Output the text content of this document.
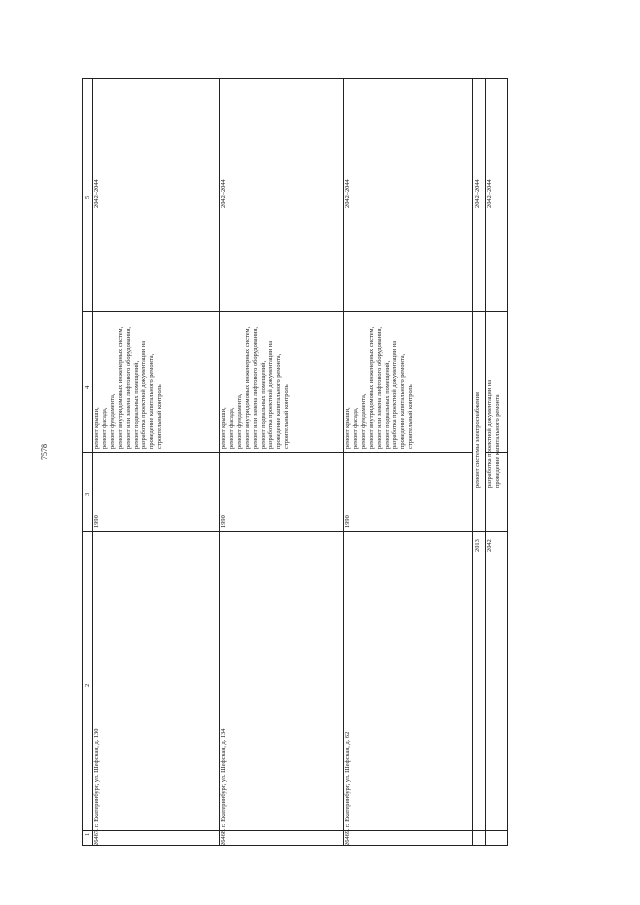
7578
1
2
3
4
5
26467.
г. Екатеринбург, ул. Шефская, д. 130
1990
ремонт крыши, ремонт фасада, ремонт фундамента, ремонт внутридомовых инженерных систем, ремонт или замена лифтового оборудования, ремонт подвальных помещений, разработка проектной документации на проведение капитального ремонта, строительный контроль
2042–2044
26468.
г. Екатеринбург, ул. Шефская, д. 134
1990
ремонт крыши, ремонт фасада, ремонт фундамента, ремонт внутридомовых инженерных систем, ремонт или замена лифтового оборудования, ремонт подвальных помещений, разработка проектной документации на проведение капитального ремонта, строительный контроль
2042–2044
26469.
г. Екатеринбург, ул. Шефская, д. 62
1990
ремонт крыши, ремонт фасада, ремонт фундамента, ремонт внутридомовых инженерных систем, ремонт или замена лифтового оборудования, ремонт подвальных помещений, разработка проектной документации на проведение капитального ремонта, строительный контроль
2042–2044
2013
ремонт системы электроснабжения
2042–2044
2042
разработка проектной документации на проведение капитального ремонта
2042–2044
